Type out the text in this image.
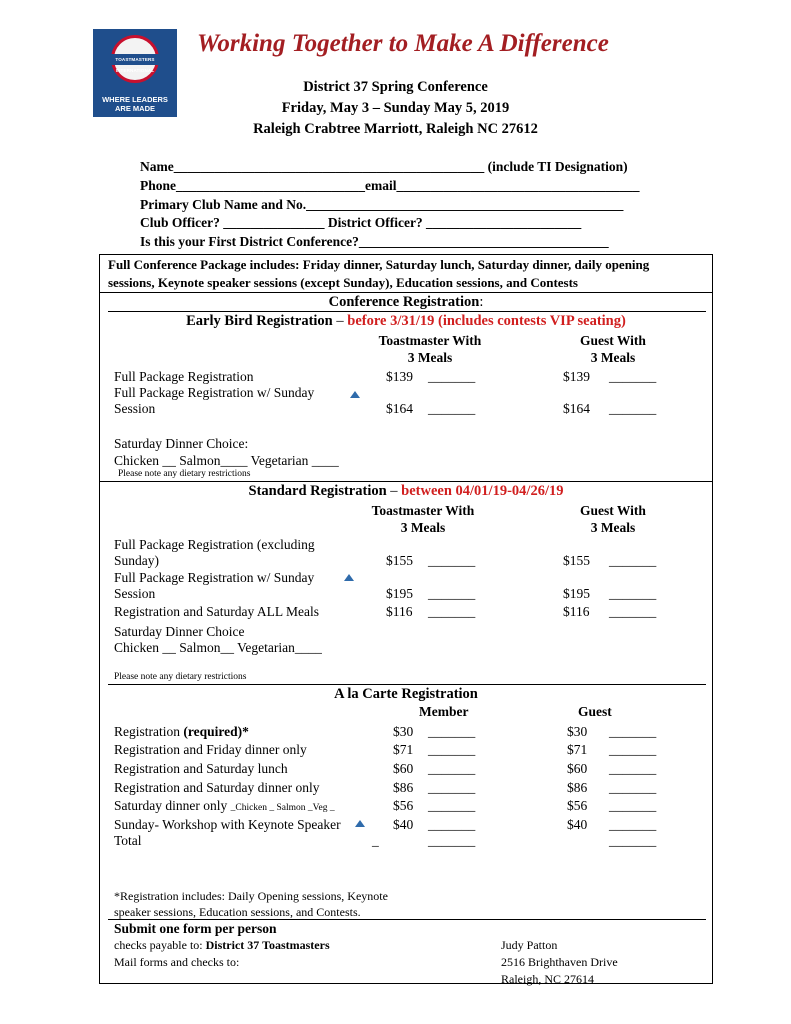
TOASTMASTERS INTERNATIONAL
WHERE LEADERS
ARE MADE
Working Together to Make A Difference
District 37 Spring Conference
Friday, May 3 – Sunday May 5, 2019
Raleigh Crabtree Marriott, Raleigh NC 27612
Name______________________________________________ (include TI Designation)
Phone____________________________email____________________________________
Primary Club Name and No._______________________________________________
Club Officer? _______________ District Officer? _______________________
Is this your First District Conference?_____________________________________
Full Conference Package includes: Friday dinner, Saturday lunch, Saturday dinner, daily opening
sessions, Keynote speaker sessions (except Sunday), Education sessions, and Contests
Conference Registration:
Early Bird Registration – before 3/31/19 (includes contests VIP seating)
Toastmaster With
3 Meals
Guest With
3 Meals
Full Package Registration	$139 _______	$139 _______
Full Package Registration w/ Sunday
Session	$164 _______	$164 _______
Saturday Dinner Choice:
Chicken __ Salmon____ Vegetarian ____
Please note any dietary restrictions
Standard Registration – between 04/01/19-04/26/19
Toastmaster With
3 Meals
Guest With
3 Meals
Full Package Registration (excluding
Sunday)	$155 _______	$155 _______
Full Package Registration w/ Sunday
Session	$195 _______	$195 _______
Registration and Saturday ALL Meals	$116 _______	$116 _______
Saturday Dinner Choice
Chicken __ Salmon__ Vegetarian____
Please note any dietary restrictions
A la Carte Registration
Member	Guest
Registration (required)*	$30 _______	$30 _______
Registration and Friday dinner only	$71 _______	$71 _______
Registration and Saturday lunch	$60 _______	$60 _______
Registration and Saturday dinner only	$86 _______	$86 _______
Saturday dinner only _Chicken _ Salmon _Veg _	$56 _______	$56 _______
Sunday- Workshop with Keynote Speaker	$40 _______	$40 _______
Total	_	_______	_______
*Registration includes: Daily Opening sessions, Keynote
speaker sessions, Education sessions, and Contests.
Submit one form per person
checks payable to: District 37 Toastmasters
Mail forms and checks to:
Judy Patton
2516 Brighthaven Drive
Raleigh, NC 27614
